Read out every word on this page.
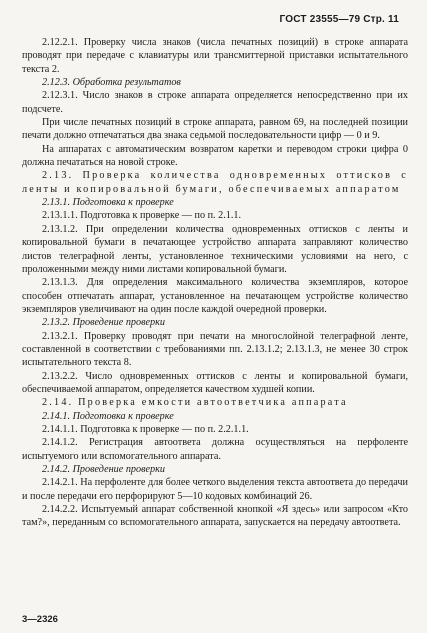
ГОСТ 23555—79 Стр. 11

2.12.2.1. Проверку числа знаков (числа печатных позиций) в строке аппарата проводят при передаче с клавиатуры или трансмиттерной приставки испытательного текста 2.

2.12.3. Обработка результатов

2.12.3.1. Число знаков в строке аппарата определяется непосредственно при их подсчете.

При числе печатных позиций в строке аппарата, равном 69, на последней позиции печати должно отпечататься два знака седьмой последовательности цифр — 0 и 9.

На аппаратах с автоматическим возвратом каретки и переводом строки цифра 0 должна печататься на новой строке.

2.13. Проверка количества одновременных оттисков с ленты и копировальной бумаги, обеспечиваемых аппаратом

2.13.1. Подготовка к проверке

2.13.1.1. Подготовка к проверке — по п. 2.1.1.

2.13.1.2. При определении количества одновременных оттисков с ленты и копировальной бумаги в печатающее устройство аппарата заправляют количество листов телеграфной ленты, установленное техническими условиями на него, с проложенными между ними листами копировальной бумаги.

2.13.1.3. Для определения максимального количества экземпляров, которое способен отпечатать аппарат, установленное на печатающем устройстве количество экземпляров увеличивают на один после каждой очередной проверки.

2.13.2. Проведение проверки

2.13.2.1. Проверку проводят при печати на многослойной телеграфной ленте, составленной в соответствии с требованиями пп. 2.13.1.2; 2.13.1.3, не менее 30 строк испытательного текста 8.

2.13.2.2. Число одновременных оттисков с ленты и копировальной бумаги, обеспечиваемой аппаратом, определяется качеством худшей копии.

2.14. Проверка емкости автоответчика аппарата

2.14.1. Подготовка к проверке

2.14.1.1. Подготовка к проверке — по п. 2.2.1.1.

2.14.1.2. Регистрация автоответа должна осуществляться на перфоленте испытуемого или вспомогательного аппарата.

2.14.2. Проведение проверки

2.14.2.1. На перфоленте для более четкого выделения текста автоответа до передачи и после передачи его перфорируют 5—10 кодовых комбинаций 26.

2.14.2.2. Испытуемый аппарат собственной кнопкой «Я здесь» или запросом «Кто там?», переданным со вспомогательного аппарата, запускается на передачу автоответа.

3—2326
